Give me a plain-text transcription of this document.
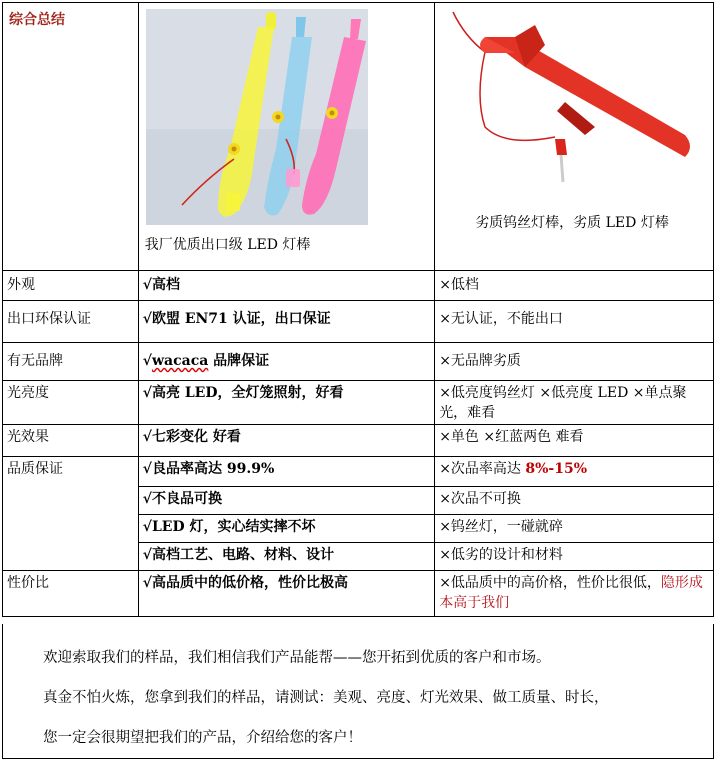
综合总结	我厂优质出口级 LED 灯棒	劣质钨丝灯棒，劣质 LED 灯棒

外观	√高档	×低档
出口环保认证	√欧盟 EN71 认证，出口保证	×无认证，不能出口
有无品牌	√wacaca 品牌保证	×无品牌劣质
光亮度	√高亮 LED，全灯笼照射，好看	×低亮度钨丝灯 ×低亮度 LED ×单点聚光，难看
光效果	√七彩变化 好看	×单色 ×红蓝两色 难看
品质保证	√良品率高达 99.9%	×次品率高达 8%-15%
	√不良品可换	×次品不可换
	√LED 灯，实心结实摔不坏	×钨丝灯，一碰就碎
	√高档工艺、电路、材料、设计	×低劣的设计和材料
性价比	√高品质中的低价格，性价比极高	×低品质中的高价格，性价比很低，隐形成本高于我们

欢迎索取我们的样品，我们相信我们产品能帮——您开拓到优质的客户和市场。

真金不怕火炼，您拿到我们的样品，请测试：美观、亮度、灯光效果、做工质量、时长，

您一定会很期望把我们的产品，介绍给您的客户！
